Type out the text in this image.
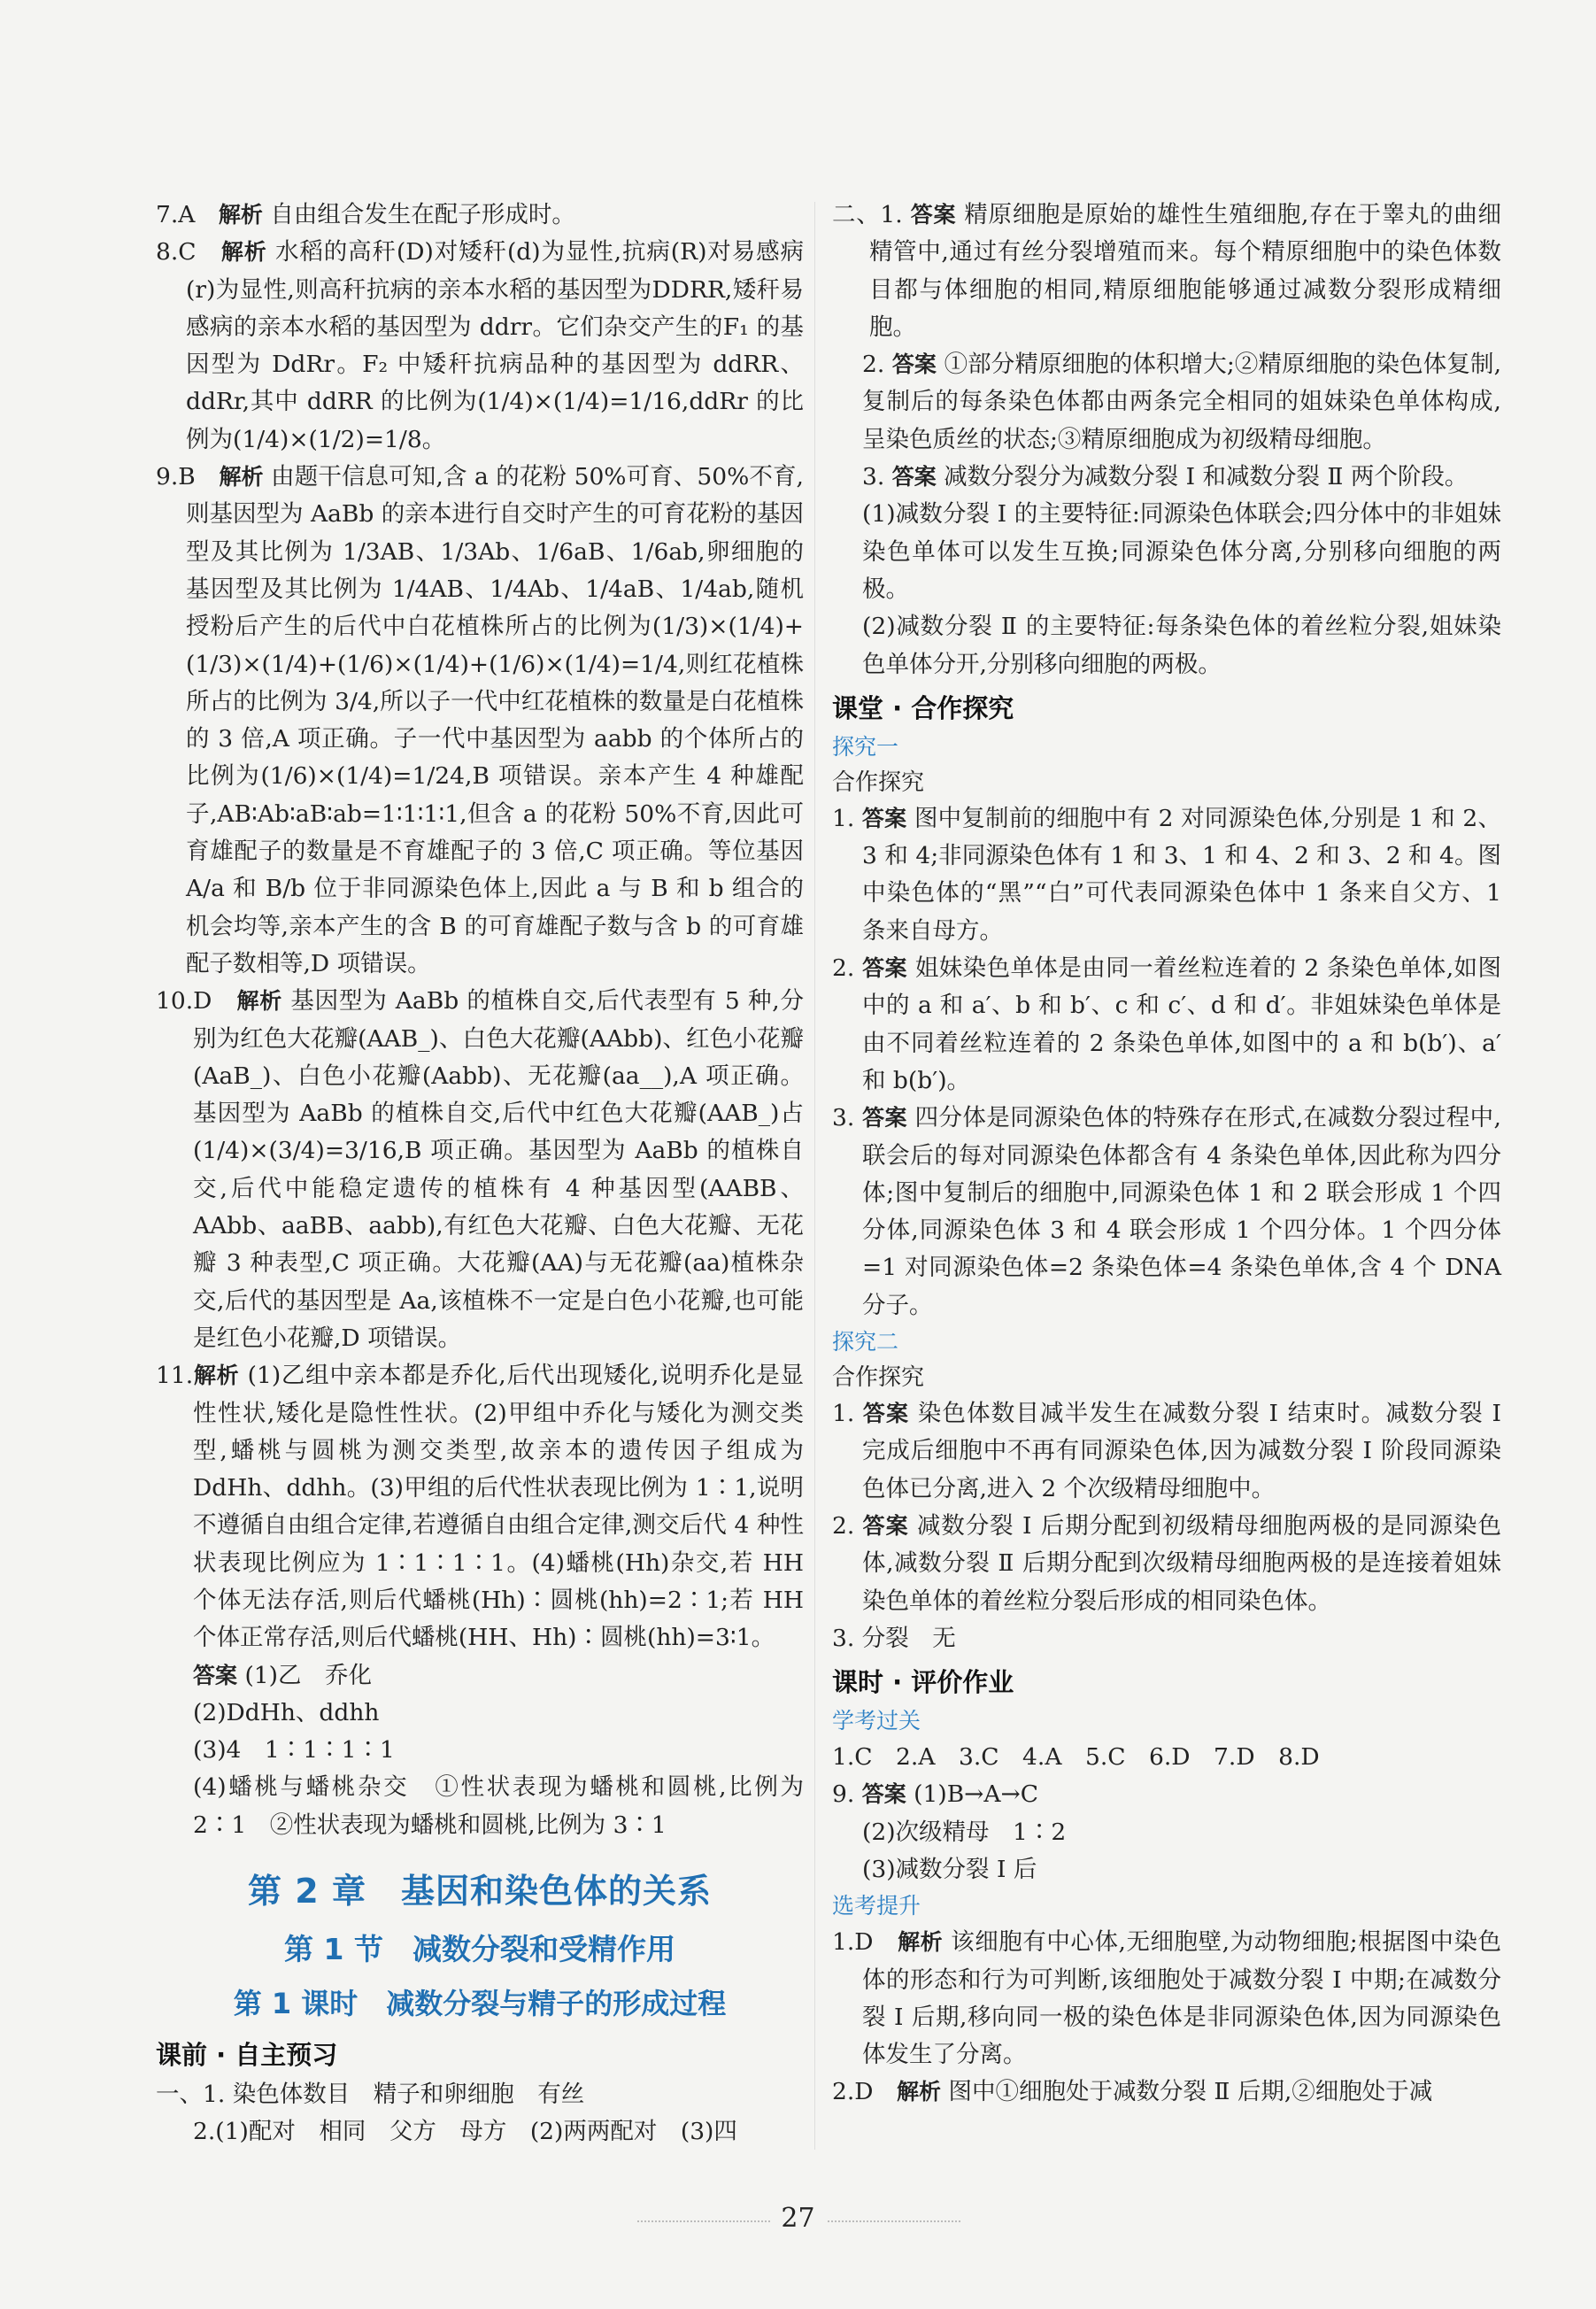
7.A　解析 自由组合发生在配子形成时。

8.C　解析 水稻的高秆(D)对矮秆(d)为显性,抗病(R)对易感病(r)为显性,则高秆抗病的亲本水稻的基因型为DDRR,矮秆易感病的亲本水稻的基因型为 ddrr。它们杂交产生的F₁ 的基因型为 DdRr。F₂ 中矮秆抗病品种的基因型为 ddRR、ddRr,其中 ddRR 的比例为(1/4)×(1/4)=1/16,ddRr 的比例为(1/4)×(1/2)=1/8。

9.B　解析 由题干信息可知,含 a 的花粉 50%可育、50%不育,则基因型为 AaBb 的亲本进行自交时产生的可育花粉的基因型及其比例为 1/3AB、1/3Ab、1/6aB、1/6ab,卵细胞的基因型及其比例为 1/4AB、1/4Ab、1/4aB、1/4ab,随机授粉后产生的后代中白花植株所占的比例为(1/3)×(1/4)+(1/3)×(1/4)+(1/6)×(1/4)+(1/6)×(1/4)=1/4,则红花植株所占的比例为 3/4,所以子一代中红花植株的数量是白花植株的 3 倍,A 项正确。子一代中基因型为 aabb 的个体所占的比例为(1/6)×(1/4)=1/24,B 项错误。亲本产生 4 种雄配子,AB∶Ab∶aB∶ab=1∶1∶1∶1,但含 a 的花粉 50%不育,因此可育雄配子的数量是不育雄配子的 3 倍,C 项正确。等位基因 A/a 和 B/b 位于非同源染色体上,因此 a 与 B 和 b 组合的机会均等,亲本产生的含 B 的可育雄配子数与含 b 的可育雄配子数相等,D 项错误。

10.D　解析 基因型为 AaBb 的植株自交,后代表型有 5 种,分别为红色大花瓣(AAB_)、白色大花瓣(AAbb)、红色小花瓣(AaB_)、白色小花瓣(Aabb)、无花瓣(aa__),A 项正确。基因型为 AaBb 的植株自交,后代中红色大花瓣(AAB_)占(1/4)×(3/4)=3/16,B 项正确。基因型为 AaBb 的植株自交,后代中能稳定遗传的植株有 4 种基因型(AABB、AAbb、aaBB、aabb),有红色大花瓣、白色大花瓣、无花瓣 3 种表型,C 项正确。大花瓣(AA)与无花瓣(aa)植株杂交,后代的基因型是 Aa,该植株不一定是白色小花瓣,也可能是红色小花瓣,D 项错误。

11.解析 (1)乙组中亲本都是乔化,后代出现矮化,说明乔化是显性性状,矮化是隐性性状。(2)甲组中乔化与矮化为测交类型,蟠桃与圆桃为测交类型,故亲本的遗传因子组成为 DdHh、ddhh。(3)甲组的后代性状表现比例为 1∶1,说明不遵循自由组合定律,若遵循自由组合定律,测交后代 4 种性状表现比例应为 1∶1∶1∶1。(4)蟠桃(Hh)杂交,若 HH 个体无法存活,则后代蟠桃(Hh)∶圆桃(hh)=2∶1;若 HH 个体正常存活,则后代蟠桃(HH、Hh)∶圆桃(hh)=3∶1。

答案 (1)乙　乔化

(2)DdHh、ddhh

(3)4　1∶1∶1∶1

(4)蟠桃与蟠桃杂交　①性状表现为蟠桃和圆桃,比例为 2∶1　②性状表现为蟠桃和圆桃,比例为 3∶1

第 2 章　基因和染色体的关系
第 1 节　减数分裂和受精作用
第 1 课时　减数分裂与精子的形成过程

课前 · 自主预习

一、1. 染色体数目　精子和卵细胞　有丝

2.(1)配对　相同　父方　母方　(2)两两配对　(3)四

二、1. 答案 精原细胞是原始的雄性生殖细胞,存在于睾丸的曲细精管中,通过有丝分裂增殖而来。每个精原细胞中的染色体数目都与体细胞的相同,精原细胞能够通过减数分裂形成精细胞。

2. 答案 ①部分精原细胞的体积增大;②精原细胞的染色体复制,复制后的每条染色体都由两条完全相同的姐妹染色单体构成,呈染色质丝的状态;③精原细胞成为初级精母细胞。

3. 答案 减数分裂分为减数分裂 Ⅰ 和减数分裂 Ⅱ 两个阶段。

(1)减数分裂 Ⅰ 的主要特征:同源染色体联会;四分体中的非姐妹染色单体可以发生互换;同源染色体分离,分别移向细胞的两极。

(2)减数分裂 Ⅱ 的主要特征:每条染色体的着丝粒分裂,姐妹染色单体分开,分别移向细胞的两极。

课堂 · 合作探究

探究一

合作探究

1. 答案 图中复制前的细胞中有 2 对同源染色体,分别是 1 和 2、3 和 4;非同源染色体有 1 和 3、1 和 4、2 和 3、2 和 4。图中染色体的“黑”“白”可代表同源染色体中 1 条来自父方、1 条来自母方。

2. 答案 姐妹染色单体是由同一着丝粒连着的 2 条染色单体,如图中的 a 和 a′、b 和 b′、c 和 c′、d 和 d′。非姐妹染色单体是由不同着丝粒连着的 2 条染色单体,如图中的 a 和 b(b′)、a′和 b(b′)。

3. 答案 四分体是同源染色体的特殊存在形式,在减数分裂过程中,联会后的每对同源染色体都含有 4 条染色单体,因此称为四分体;图中复制后的细胞中,同源染色体 1 和 2 联会形成 1 个四分体,同源染色体 3 和 4 联会形成 1 个四分体。1 个四分体=1 对同源染色体=2 条染色体=4 条染色单体,含 4 个 DNA 分子。

探究二

合作探究

1. 答案 染色体数目减半发生在减数分裂 Ⅰ 结束时。减数分裂 Ⅰ 完成后细胞中不再有同源染色体,因为减数分裂 Ⅰ 阶段同源染色体已分离,进入 2 个次级精母细胞中。

2. 答案 减数分裂 Ⅰ 后期分配到初级精母细胞两极的是同源染色体,减数分裂 Ⅱ 后期分配到次级精母细胞两极的是连接着姐妹染色单体的着丝粒分裂后形成的相同染色体。

3. 分裂　无

课时 · 评价作业

学考过关

1.C　2.A　3.C　4.A　5.C　6.D　7.D　8.D

9. 答案 (1)B→A→C

(2)次级精母　1∶2

(3)减数分裂 Ⅰ 后

选考提升

1.D　解析 该细胞有中心体,无细胞壁,为动物细胞;根据图中染色体的形态和行为可判断,该细胞处于减数分裂 Ⅰ 中期;在减数分裂 Ⅰ 后期,移向同一极的染色体是非同源染色体,因为同源染色体发生了分离。

2.D　解析 图中①细胞处于减数分裂 Ⅱ 后期,②细胞处于减

27
